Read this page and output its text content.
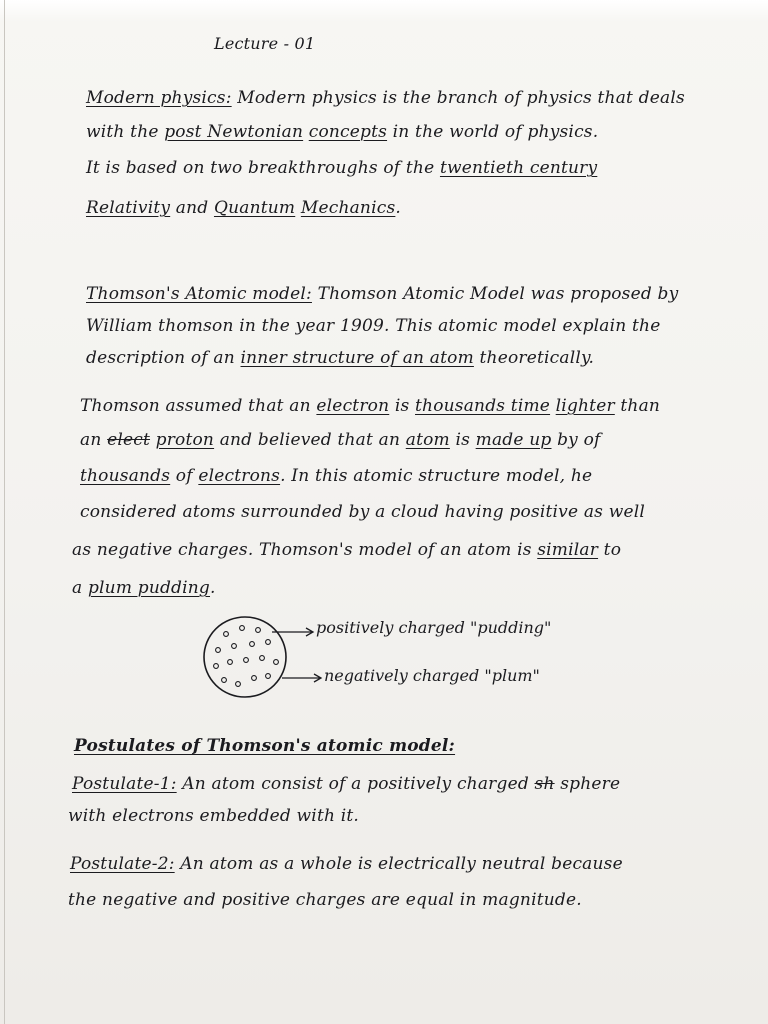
Lecture - 01
Modern physics: Modern physics is the branch of physics that deals
with the post Newtonian concepts in the world of physics.
It is based on two breakthroughs of the twentieth century
Relativity and Quantum Mechanics.
Thomson's Atomic model: Thomson Atomic Model was proposed by
William thomson in the year 1909. This atomic model explain the
description of an inner structure of an atom theoretically.
Thomson assumed that an electron is thousands time lighter than
an elect proton and believed that an atom is made up by of
thousands of electrons. In this atomic structure model, he
considered atoms surrounded by a cloud having positive as well
as negative charges. Thomson's model of an atom is similar to
a plum pudding.
positively charged "pudding"
negatively charged "plum"
Postulates of Thomson's atomic model:
Postulate-1: An atom consist of a positively charged sh sphere
with electrons embedded with it.
Postulate-2: An atom as a whole is electrically neutral because
the negative and positive charges are equal in magnitude.
